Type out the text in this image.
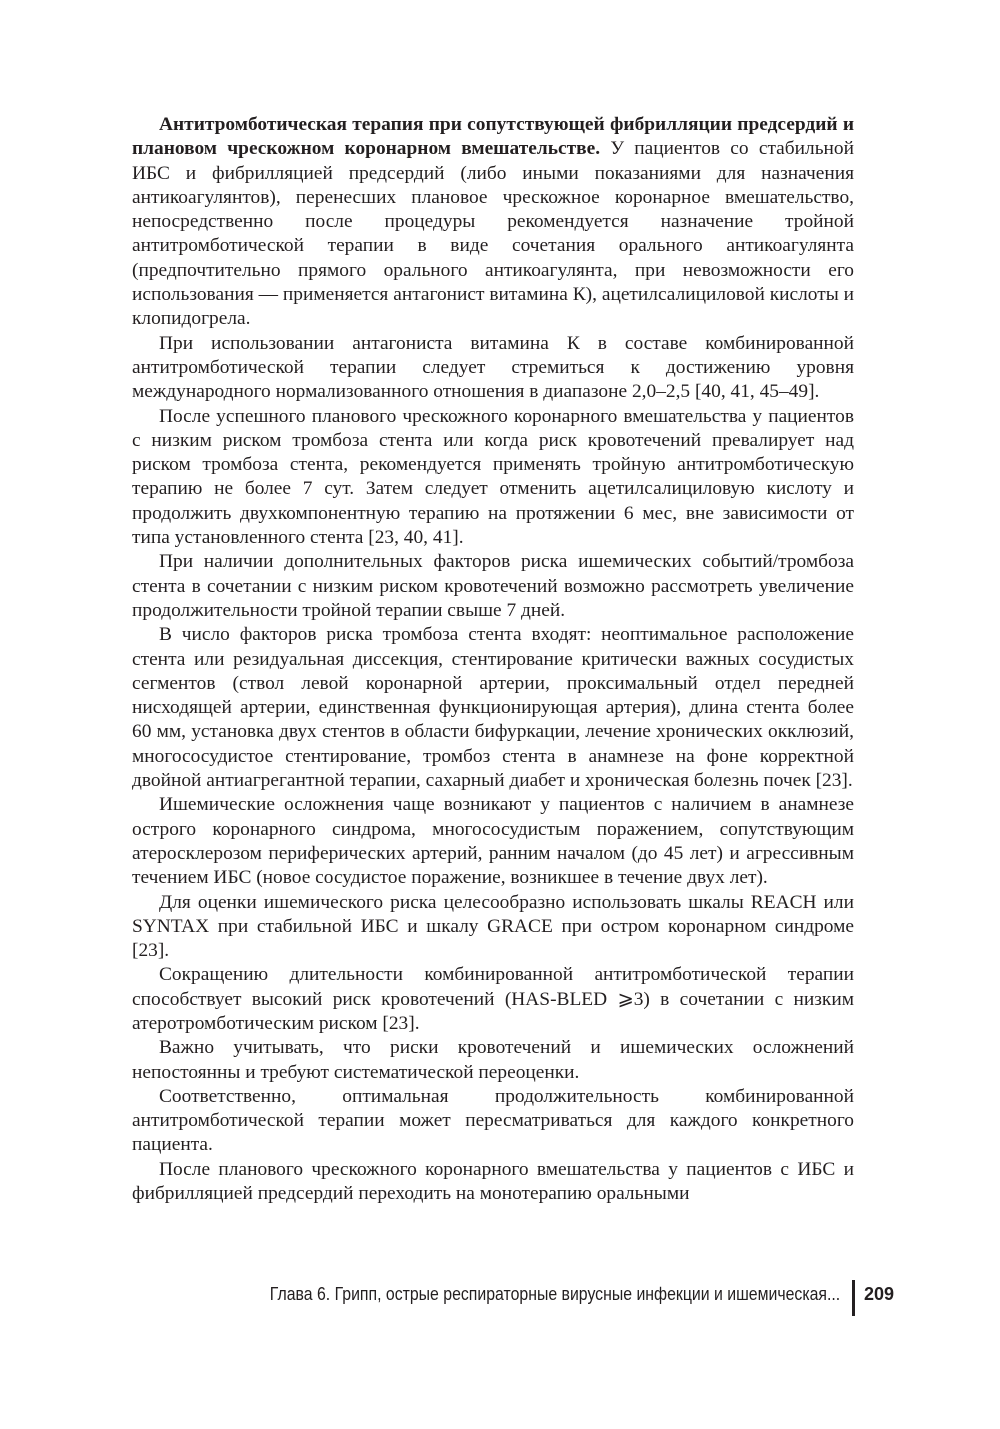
Антитромботическая терапия при сопутствующей фибрилляции предсердий и плановом чрескожном коронарном вмешательстве. У пациентов со стабильной ИБС и фибрилляцией предсердий (либо иными показаниями для назначения антикоагулянтов), перенесших плановое чрескожное коронарное вмешательство, непосредственно после процедуры рекомендуется назначение тройной антитромботической терапии в виде сочетания орального антикоагулянта (предпочтительно прямого орального антикоагулянта, при невозможности его использования — применяется антагонист витамина К), ацетилсалициловой кислоты и клопидогрела.

При использовании антагониста витамина К в составе комбинированной антитромботической терапии следует стремиться к достижению уровня международного нормализованного отношения в диапазоне 2,0–2,5 [40, 41, 45–49].

После успешного планового чрескожного коронарного вмешательства у пациентов с низким риском тромбоза стента или когда риск кровотечений превалирует над риском тромбоза стента, рекомендуется применять тройную антитромботическую терапию не более 7 сут. Затем следует отменить ацетилсалициловую кислоту и продолжить двухкомпонентную терапию на протяжении 6 мес, вне зависимости от типа установленного стента [23, 40, 41].

При наличии дополнительных факторов риска ишемических событий/тромбоза стента в сочетании с низким риском кровотечений возможно рассмотреть увеличение продолжительности тройной терапии свыше 7 дней.

В число факторов риска тромбоза стента входят: неоптимальное расположение стента или резидуальная диссекция, стентирование критически важных сосудистых сегментов (ствол левой коронарной артерии, проксимальный отдел передней нисходящей артерии, единственная функционирующая артерия), длина стента более 60 мм, установка двух стентов в области бифуркации, лечение хронических окклюзий, многососудистое стентирование, тромбоз стента в анамнезе на фоне корректной двойной антиагрегантной терапии, сахарный диабет и хроническая болезнь почек [23].

Ишемические осложнения чаще возникают у пациентов с наличием в анамнезе острого коронарного синдрома, многососудистым поражением, сопутствующим атеросклерозом периферических артерий, ранним началом (до 45 лет) и агрессивным течением ИБС (новое сосудистое поражение, возникшее в течение двух лет).

Для оценки ишемического риска целесообразно использовать шкалы REACH или SYNTAX при стабильной ИБС и шкалу GRACE при остром коронарном синдроме [23].

Сокращению длительности комбинированной антитромботической терапии способствует высокий риск кровотечений (HAS-BLED ⩾3) в сочетании с низким атеротромботическим риском [23].

Важно учитывать, что риски кровотечений и ишемических осложнений непостоянны и требуют систематической переоценки.

Соответственно, оптимальная продолжительность комбинированной антитромботической терапии может пересматриваться для каждого конкретного пациента.

После планового чрескожного коронарного вмешательства у пациентов с ИБС и фибрилляцией предсердий переходить на монотерапию оральными

Глава 6. Грипп, острые респираторные вирусные инфекции и ишемическая... 209
